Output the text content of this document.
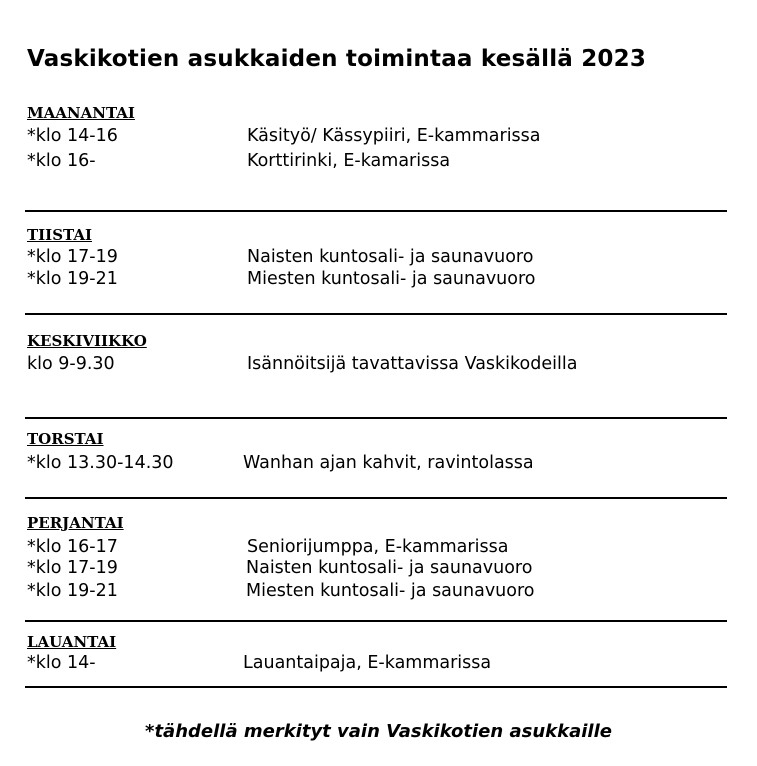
Vaskikotien asukkaiden toimintaa kesällä 2023
MAANANTAI
*klo 14-16	Käsityö/ Kässypiiri, E-kammarissa
*klo 16-	Korttirinki, E-kamarissa
TIISTAI
*klo 17-19	Naisten kuntosali- ja saunavuoro
*klo 19-21	Miesten kuntosali- ja saunavuoro
KESKIVIIKKO
klo 9-9.30	Isännöitsijä tavattavissa Vaskikodeilla
TORSTAI
*klo 13.30-14.30	Wanhan ajan kahvit, ravintolassa
PERJANTAI
*klo 16-17	Seniorijumppa, E-kammarissa
*klo 17-19	Naisten kuntosali- ja saunavuoro
*klo 19-21	Miesten kuntosali- ja saunavuoro
LAUANTAI
*klo 14-	Lauantaipaja, E-kammarissa
*tähdellä merkityt vain Vaskikotien asukkaille
